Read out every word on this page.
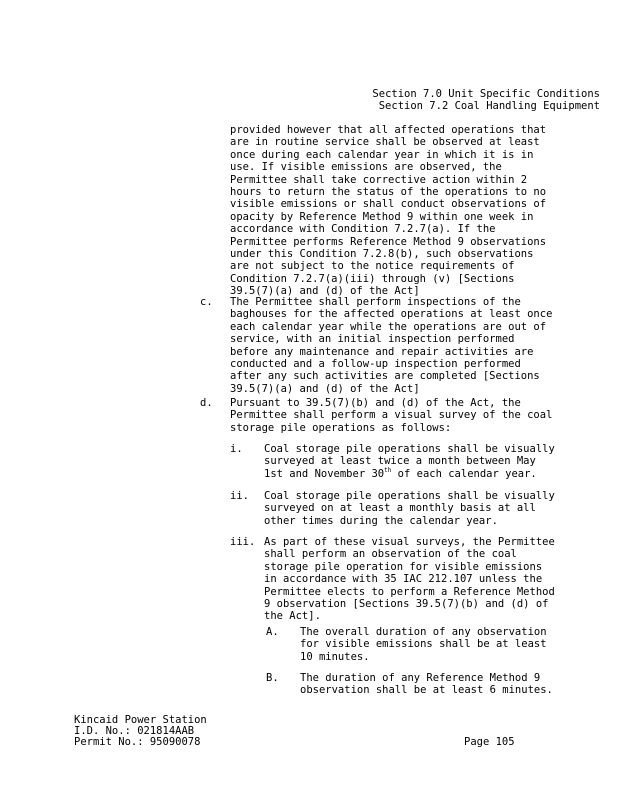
Section 7.0 Unit Specific Conditions
Section 7.2 Coal Handling Equipment

provided however that all affected operations that are in routine service shall be observed at least once during each calendar year in which it is in use. If visible emissions are observed, the Permittee shall take corrective action within 2 hours to return the status of the operations to no visible emissions or shall conduct observations of opacity by Reference Method 9 within one week in accordance with Condition 7.2.7(a). If the Permittee performs Reference Method 9 observations under this Condition 7.2.8(b), such observations are not subject to the notice requirements of Condition 7.2.7(a)(iii) through (v) [Sections 39.5(7)(a) and (d) of the Act]

c. The Permittee shall perform inspections of the baghouses for the affected operations at least once each calendar year while the operations are out of service, with an initial inspection performed before any maintenance and repair activities are conducted and a follow-up inspection performed after any such activities are completed [Sections 39.5(7)(a) and (d) of the Act]

d. Pursuant to 39.5(7)(b) and (d) of the Act, the Permittee shall perform a visual survey of the coal storage pile operations as follows:

i. Coal storage pile operations shall be visually surveyed at least twice a month between May 1st and November 30th of each calendar year.

ii. Coal storage pile operations shall be visually surveyed on at least a monthly basis at all other times during the calendar year.

iii. As part of these visual surveys, the Permittee shall perform an observation of the coal storage pile operation for visible emissions in accordance with 35 IAC 212.107 unless the Permittee elects to perform a Reference Method 9 observation [Sections 39.5(7)(b) and (d) of the Act].

A. The overall duration of any observation for visible emissions shall be at least 10 minutes.

B. The duration of any Reference Method 9 observation shall be at least 6 minutes.

Kincaid Power Station
I.D. No.: 021814AAB
Permit No.: 95090078	Page 105
